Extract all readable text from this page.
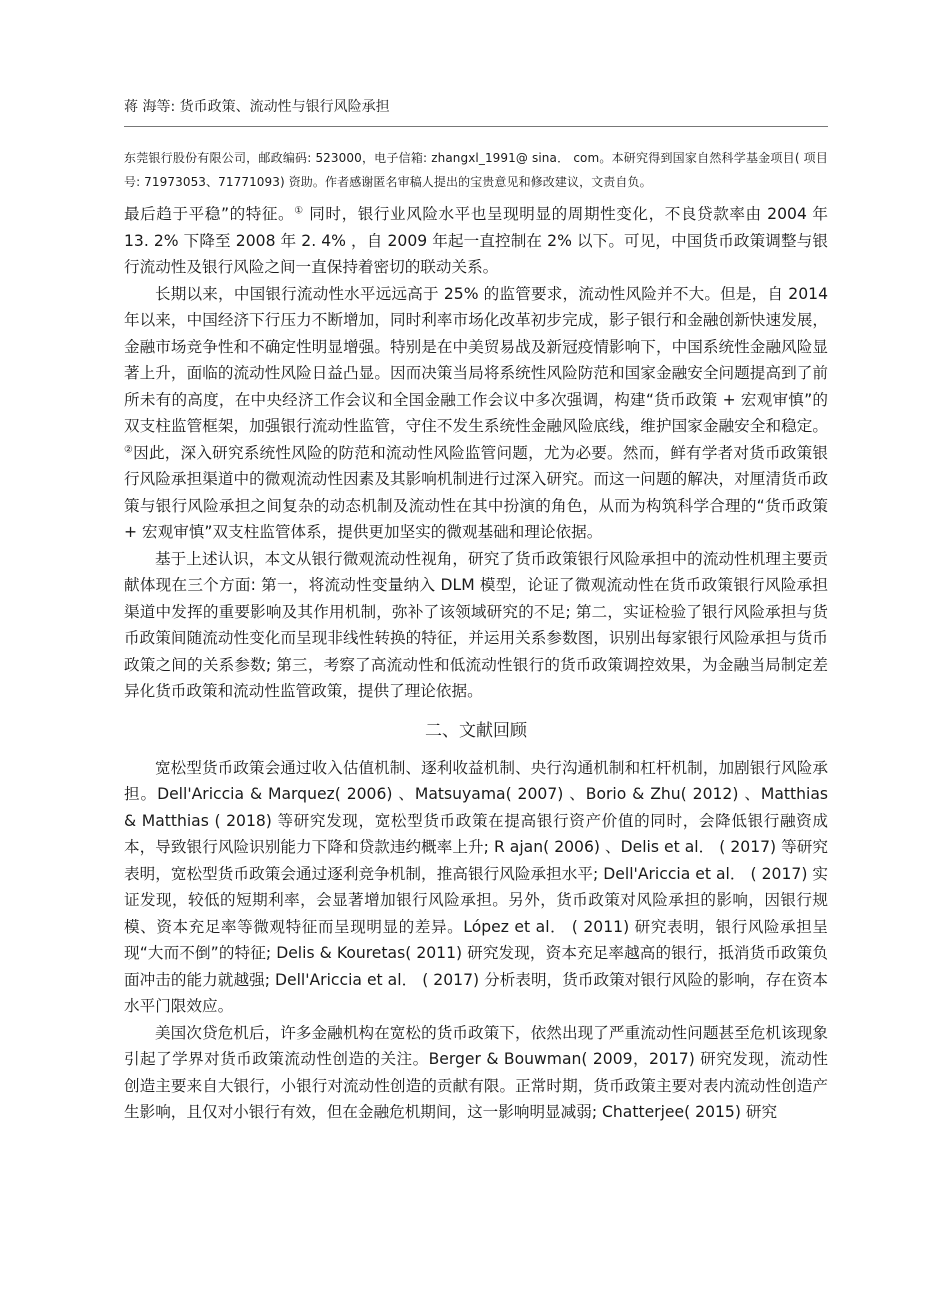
蒋 海等: 货币政策、流动性与银行风险承担
东莞银行股份有限公司，邮政编码: 523000，电子信箱: zhangxl_1991@ sina． com。本研究得到国家自然科学基金项目( 项目号: 71973053、71771093) 资助。作者感谢匿名审稿人提出的宝贵意见和修改建议，文责自负。

最后趋于平稳”的特征。① 同时，银行业风险水平也呈现明显的周期性变化，不良贷款率由 2004 年 13. 2% 下降至 2008 年 2. 4% ，自 2009 年起一直控制在 2% 以下。可见，中国货币政策调整与银行流动性及银行风险之间一直保持着密切的联动关系。

长期以来，中国银行流动性水平远远高于 25% 的监管要求，流动性风险并不大。但是，自 2014 年以来，中国经济下行压力不断增加，同时利率市场化改革初步完成，影子银行和金融创新快速发展，金融市场竞争性和不确定性明显增强。特别是在中美贸易战及新冠疫情影响下，中国系统性金融风险显著上升，面临的流动性风险日益凸显。因而决策当局将系统性风险防范和国家金融安全问题提高到了前所未有的高度，在中央经济工作会议和全国金融工作会议中多次强调，构建“货币政策 + 宏观审慎”的双支柱监管框架，加强银行流动性监管，守住不发生系统性金融风险底线，维护国家金融安全和稳定。②因此，深入研究系统性风险的防范和流动性风险监管问题，尤为必要。然而，鲜有学者对货币政策银行风险承担渠道中的微观流动性因素及其影响机制进行过深入研究。而这一问题的解决，对厘清货币政策与银行风险承担之间复杂的动态机制及流动性在其中扮演的角色，从而为构筑科学合理的“货币政策 + 宏观审慎”双支柱监管体系，提供更加坚实的微观基础和理论依据。

基于上述认识，本文从银行微观流动性视角，研究了货币政策银行风险承担中的流动性机理主要贡献体现在三个方面: 第一，将流动性变量纳入 DLM 模型，论证了微观流动性在货币政策银行风险承担渠道中发挥的重要影响及其作用机制，弥补了该领域研究的不足; 第二，实证检验了银行风险承担与货币政策间随流动性变化而呈现非线性转换的特征，并运用关系参数图，识别出每家银行风险承担与货币政策之间的关系参数; 第三，考察了高流动性和低流动性银行的货币政策调控效果，为金融当局制定差异化货币政策和流动性监管政策，提供了理论依据。

二、文献回顾

宽松型货币政策会通过收入估值机制、逐利收益机制、央行沟通机制和杠杆机制，加剧银行风险承担。Dell'Ariccia & Marquez( 2006) 、Matsuyama( 2007) 、Borio & Zhu( 2012) 、Matthias & Matthias ( 2018) 等研究发现，宽松型货币政策在提高银行资产价值的同时，会降低银行融资成本，导致银行风险识别能力下降和贷款违约概率上升; R ajan( 2006) 、Delis et al． ( 2017) 等研究表明，宽松型货币政策会通过逐利竞争机制，推高银行风险承担水平; Dell'Ariccia et al． ( 2017) 实证发现，较低的短期利率，会显著增加银行风险承担。另外，货币政策对风险承担的影响，因银行规模、资本充足率等微观特征而呈现明显的差异。López et al． ( 2011) 研究表明，银行风险承担呈现“大而不倒”的特征; Delis & Kouretas( 2011) 研究发现，资本充足率越高的银行，抵消货币政策负面冲击的能力就越强; Dell'Ariccia et al． ( 2017) 分析表明，货币政策对银行风险的影响，存在资本水平门限效应。

美国次贷危机后，许多金融机构在宽松的货币政策下，依然出现了严重流动性问题甚至危机该现象引起了学界对货币政策流动性创造的关注。Berger & Bouwman( 2009，2017) 研究发现，流动性创造主要来自大银行，小银行对流动性创造的贡献有限。正常时期，货币政策主要对表内流动性创造产生影响，且仅对小银行有效，但在金融危机期间，这一影响明显减弱; Chatterjee( 2015) 研究
